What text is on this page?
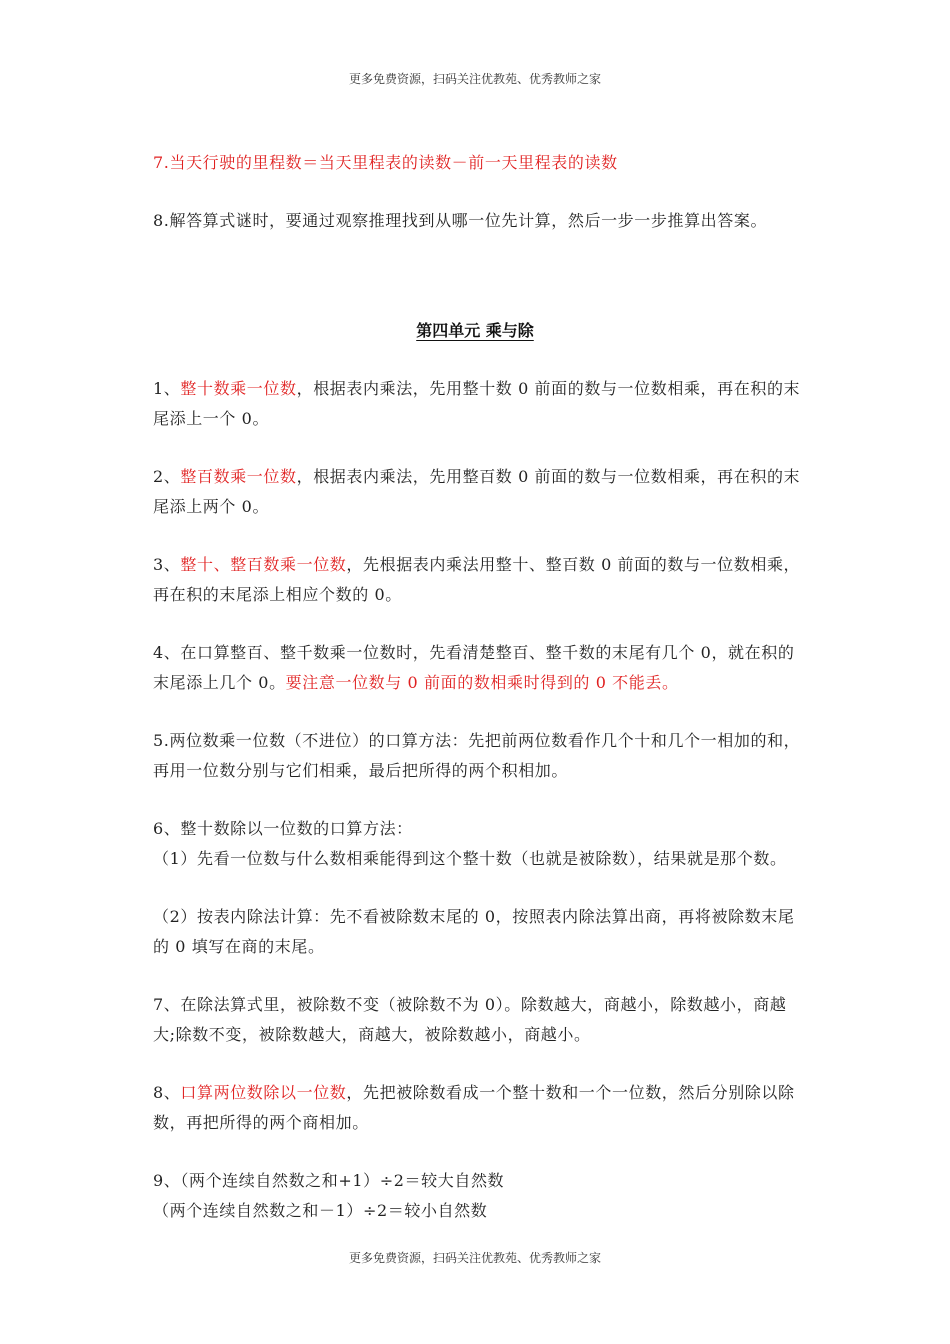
更多免费资源，扫码关注优教苑、优秀教师之家
7.当天行驶的里程数＝当天里程表的读数－前一天里程表的读数
8.解答算式谜时，要通过观察推理找到从哪一位先计算，然后一步一步推算出答案。
1、整十数乘一位数，根据表内乘法，先用整十数 0 前面的数与一位数相乘，再在积的末尾添上一个 0。
2、整百数乘一位数，根据表内乘法，先用整百数 0 前面的数与一位数相乘，再在积的末尾添上两个 0。
3、整十、整百数乘一位数，先根据表内乘法用整十、整百数 0 前面的数与一位数相乘，再在积的末尾添上相应个数的 0。
4、在口算整百、整千数乘一位数时，先看清楚整百、整千数的末尾有几个 0，就在积的末尾添上几个 0。要注意一位数与 0 前面的数相乘时得到的 0 不能丢。
5.两位数乘一位数（不进位）的口算方法：先把前两位数看作几个十和几个一相加的和，再用一位数分别与它们相乘，最后把所得的两个积相加。
6、整十数除以一位数的口算方法：
（1）先看一位数与什么数相乘能得到这个整十数（也就是被除数），结果就是那个数。
（2）按表内除法计算：先不看被除数末尾的 0，按照表内除法算出商，再将被除数末尾的 0 填写在商的末尾。
7、在除法算式里，被除数不变（被除数不为 0）。除数越大，商越小，除数越小，商越大;除数不变，被除数越大，商越大，被除数越小，商越小。
8、口算两位数除以一位数，先把被除数看成一个整十数和一个一位数，然后分别除以除数，再把所得的两个商相加。
9、（两个连续自然数之和+1）÷2＝较大自然数
（两个连续自然数之和－1）÷2＝较小自然数
第四单元 乘与除
更多免费资源，扫码关注优教苑、优秀教师之家
